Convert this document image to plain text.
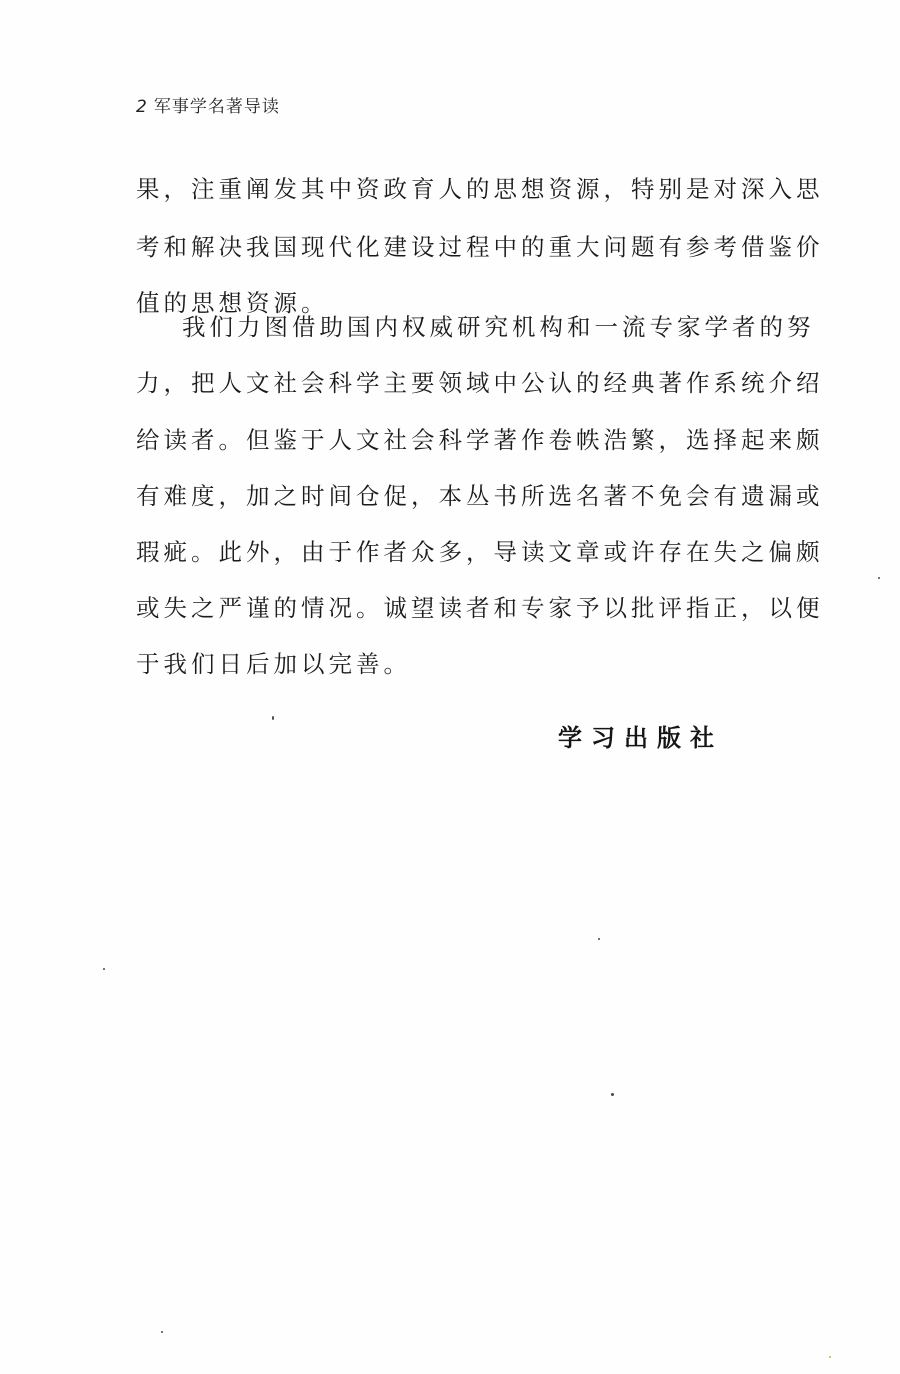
2 军事学名著导读
果，注重阐发其中资政育人的思想资源，特别是对深入思
考和解决我国现代化建设过程中的重大问题有参考借鉴价
值的思想资源。
我们力图借助国内权威研究机构和一流专家学者的努
力，把人文社会科学主要领域中公认的经典著作系统介绍
给读者。但鉴于人文社会科学著作卷帙浩繁，选择起来颇
有难度，加之时间仓促，本丛书所选名著不免会有遗漏或
瑕疵。此外，由于作者众多，导读文章或许存在失之偏颇
或失之严谨的情况。诚望读者和专家予以批评指正，以便
于我们日后加以完善。
学习出版社
